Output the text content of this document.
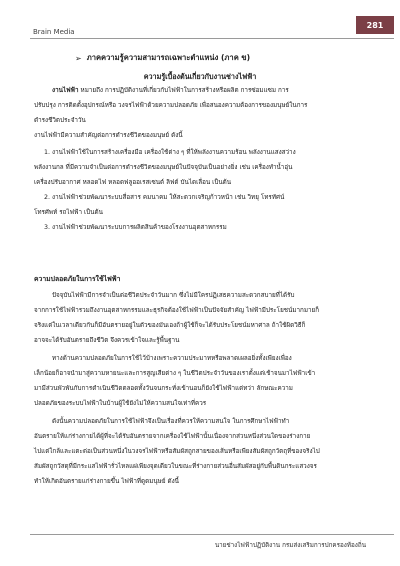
Brain Media
281
➢ ภาคความรู้ความสามารถเฉพาะตำแหน่ง (ภาค ข)
ความรู้เบื้องต้นเกี่ยวกับงานช่างไฟฟ้า
งานไฟฟ้า หมายถึง การปฏิบัติงานที่เกี่ยวกับไฟฟ้าในการสร้างหรือผลิต การซ่อมแซม การ
ปรับปรุง การติดตั้งอุปกรณ์หรือ วงจรไฟฟ้าด้วยความปลอดภัย เพื่อสนองความต้องการของมนุษย์ในการ
ดำรงชีวิตประจำวัน
งานไฟฟ้ามีความสำคัญต่อการดำรงชีวิตของมนุษย์ ดังนี้
1. งานไฟฟ้าใช้ในการสร้างเครื่องมือ เครื่องใช้ต่าง ๆ ที่ให้พลังงานความร้อน พลังงานแสงสว่าง
พลังงานกล ที่มีความจำเป็นต่อการดำรงชีวิตของมนุษย์ในปัจจุบันเป็นอย่างยิ่ง เช่น เครื่องทำน้ำอุ่น
เครื่องปรับอากาศ หลอดไฟ หลอดฟลูออเรสเซนต์ ลิฟต์ บันไดเลื่อน เป็นต้น
2. งานไฟฟ้าช่วยพัฒนาระบบสื่อสาร คมนาคม ให้สะดวกเจริญก้าวหน้า เช่น วิทยุ โทรทัศน์
โทรศัพท์ รถไฟฟ้า เป็นต้น
3. งานไฟฟ้าช่วยพัฒนาระบบการผลิตสินค้าของโรงงานอุตสาหกรรม
ความปลอดภัยในการใช้ไฟฟ้า
ปัจจุบันไฟฟ้ามีการจำเป็นต่อชีวิตประจำวันมาก ซึ่งไม่มีใครปฏิเสธความสะดวกสบายที่ได้รับ
จากการใช้ไฟฟ้ารวมถึงงานอุตสาหกรรมและธุรกิจต้องใช้ไฟฟ้าเป็นปัจจัยสำคัญ ไฟฟ้ามีประโยชน์มากมายก็
จริงแต่ในเวลาเดียวกันก็มีอันตรายอยู่ในตัวของมันเองถ้าผู้ใช้ก็จะได้รับประโยชน์มหาศาล ถ้าใช้ผิดวิธีก็
อาจจะได้รับอันตรายถึงชีวิต จึงควรเข้าใจและรู้พื้นฐาน
ทางด้านความปลอดภัยในการใช้ไว้บ้างเพราะความประมาทหรือพลาดเผลอยิ่งทั้งเพียงเพื่อง
เล็กน้อยก็อาจนำมาสู่ความหายนะและการสูญเสียต่าง ๆ ในชีวิตประจำวันของเราตั้งแต่เช้าจนมาไฟฟ้าเข้า
มามีส่วนพัวพันกับการดำเนินชีวิตตลอดทั้งวันจนกระทั่งเข้านอนก็ยังใช้ไฟฟ้าแต่ทว่า ลักษณะความ
ปลอดภัยของระบบไฟฟ้าในบ้านผู้ใช้ยังไม่ให้ความสนใจเท่าที่ควร
ดังนั้นความปลอดภัยในการใช้ไฟฟ้าจึงเป็นเรื่องที่ควรให้ความสนใจ ในการศึกษาไฟฟ้าทำ
อันตรายให้แก่ร่างกายได้ผู้ที่จะได้รับอันตรายจากเครื่องใช้ไฟฟ้านั้นเนื่องจากส่วนหนึ่งส่วนใดของร่างกาย
ไปแต่ใกล้และแตะต่อเป็นส่วนหนึ่งในวงจรไฟฟ้าหรือสัมผัสถูกสายของเส้นหรือเพียงสัมผัสถูกวัตถุที่ของจริงไป
สัมผัสถูกวัสดุที่มีกระแสไฟฟ้ารั่วไหลแผ่เพียงจุดเดียวในขณะที่ร่างกายส่วนอื่นสัมผัสอยู่กับพื้นดินกระแสวงจร
ทำให้เกิดอันตรายแก่ร่างกายขึ้น ไฟฟ้าที่ดูดมนุษย์ ดังนี้
นายช่างไฟฟ้าปฏิบัติงาน กรมส่งเสริมการปกครองท้องถิ่น
